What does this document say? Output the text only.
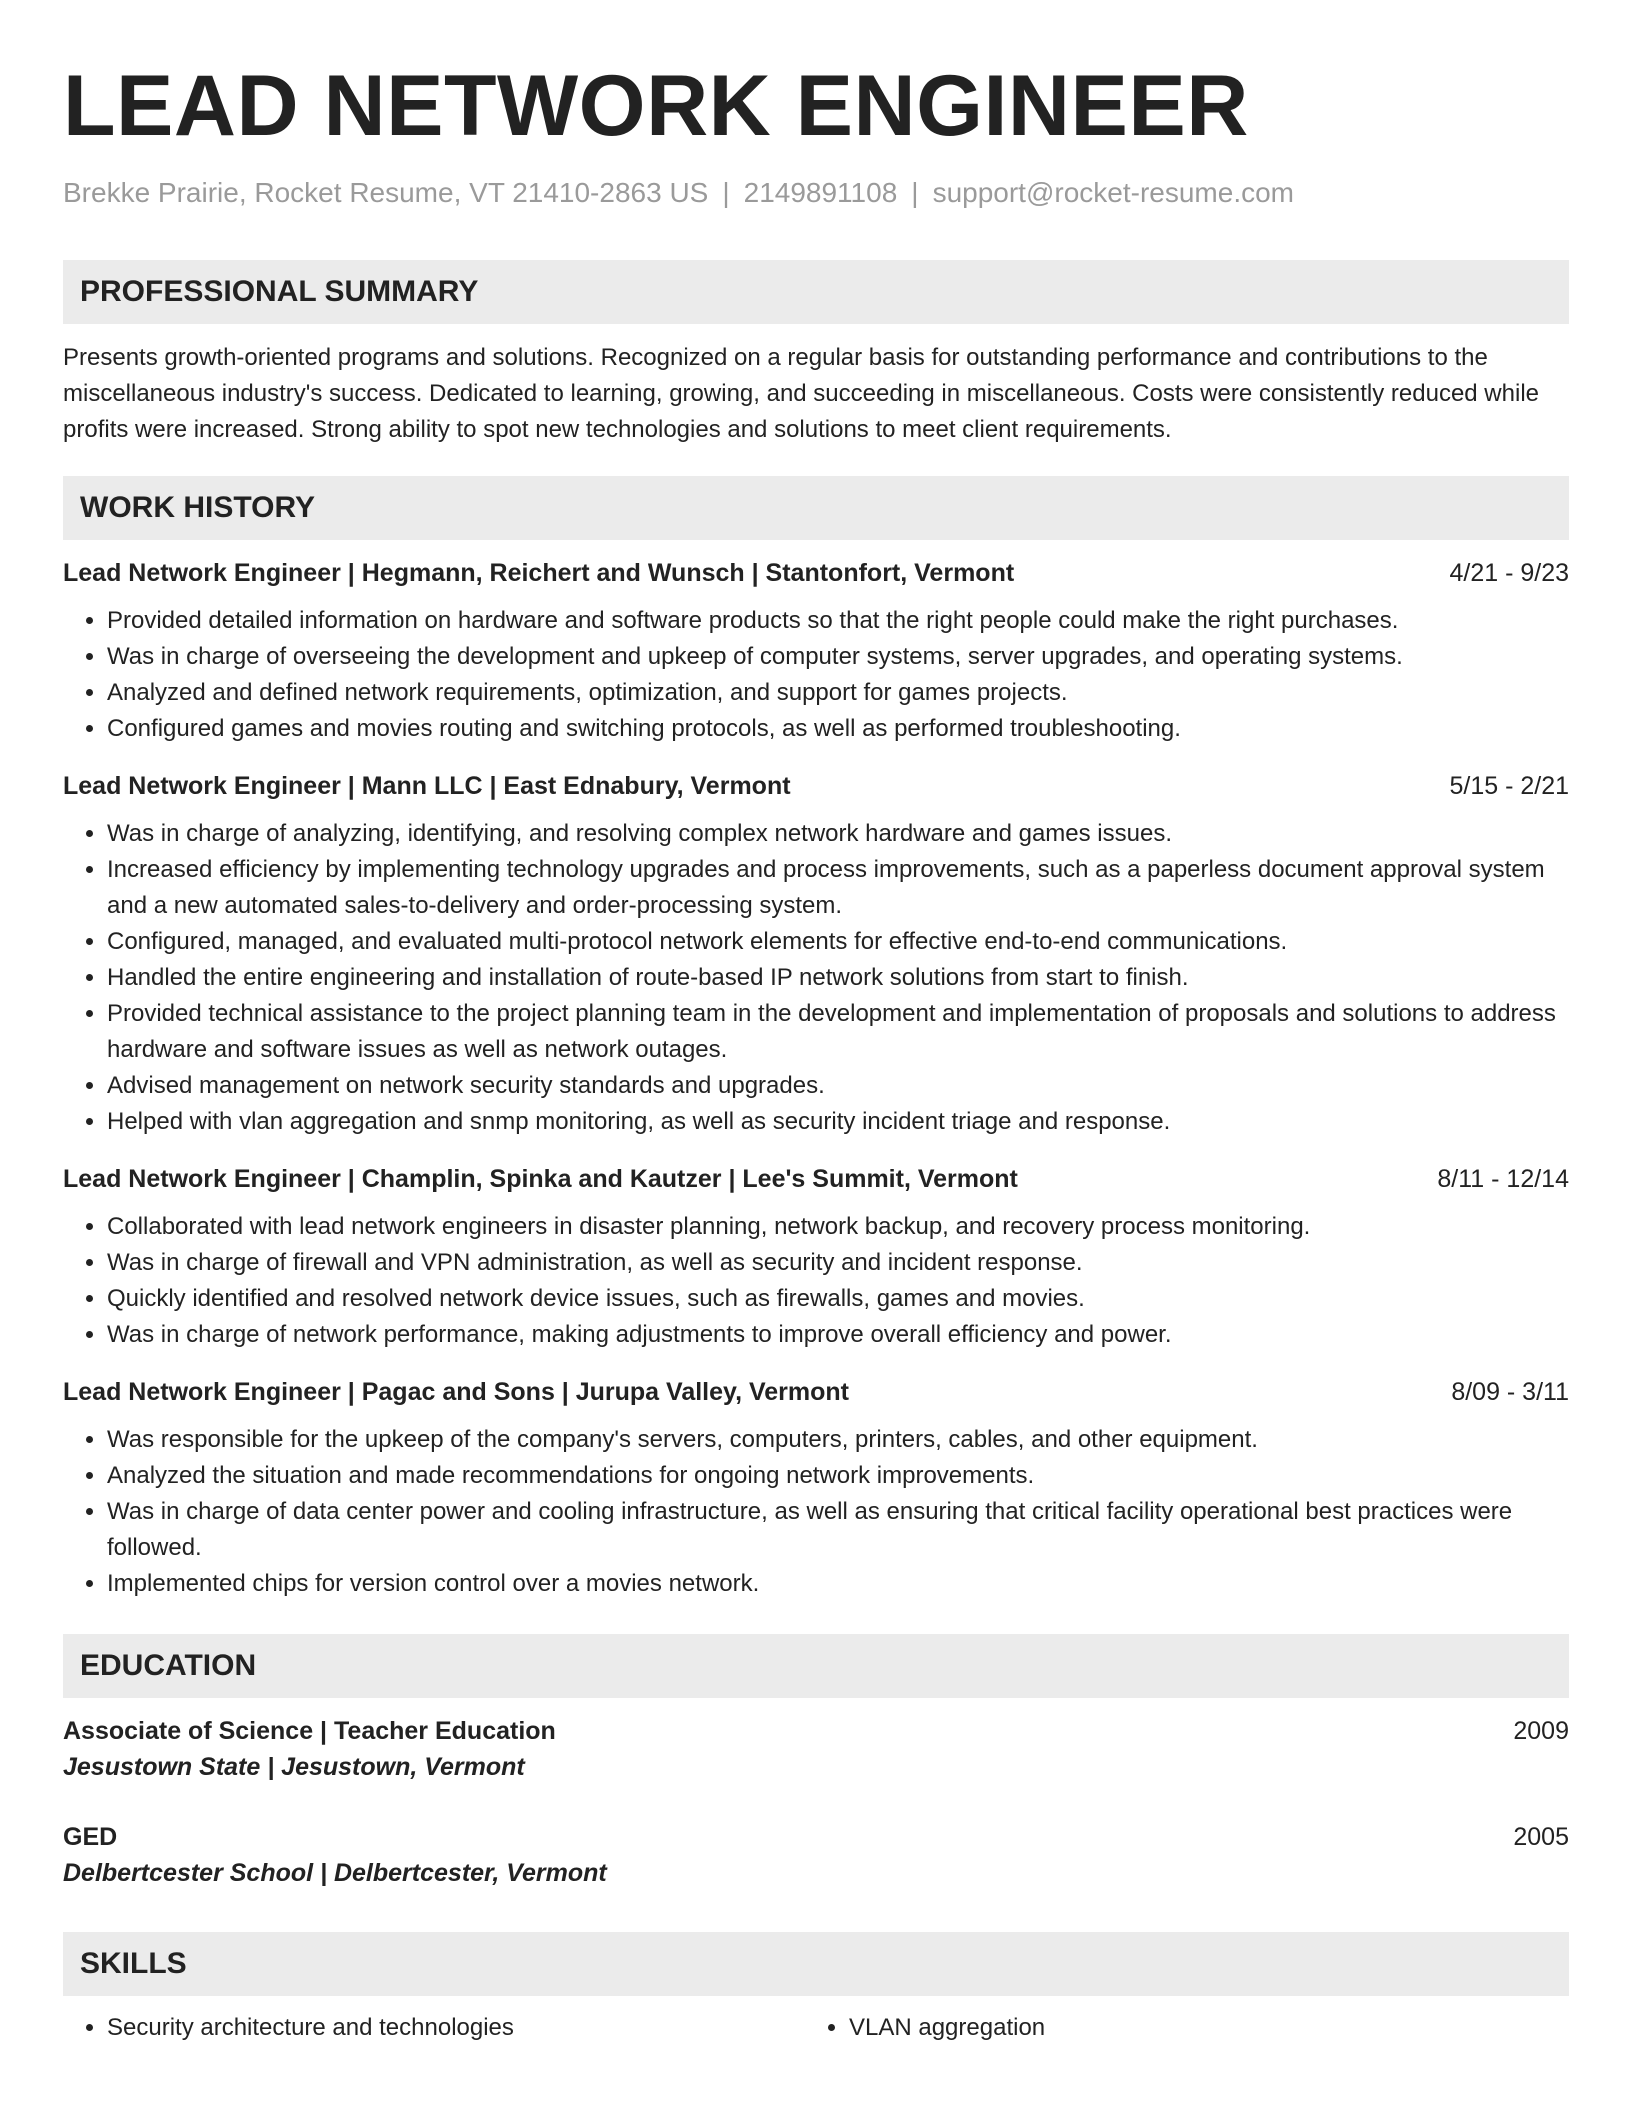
LEAD NETWORK ENGINEER
Brekke Prairie, Rocket Resume, VT 21410-2863 US | 2149891108 | support@rocket-resume.com
PROFESSIONAL SUMMARY
Presents growth-oriented programs and solutions. Recognized on a regular basis for outstanding performance and contributions to the miscellaneous industry's success. Dedicated to learning, growing, and succeeding in miscellaneous. Costs were consistently reduced while profits were increased. Strong ability to spot new technologies and solutions to meet client requirements.
WORK HISTORY
Lead Network Engineer | Hegmann, Reichert and Wunsch | Stantonfort, Vermont	4/21 - 9/23
• Provided detailed information on hardware and software products so that the right people could make the right purchases.
• Was in charge of overseeing the development and upkeep of computer systems, server upgrades, and operating systems.
• Analyzed and defined network requirements, optimization, and support for games projects.
• Configured games and movies routing and switching protocols, as well as performed troubleshooting.
Lead Network Engineer | Mann LLC | East Ednabury, Vermont	5/15 - 2/21
• Was in charge of analyzing, identifying, and resolving complex network hardware and games issues.
• Increased efficiency by implementing technology upgrades and process improvements, such as a paperless document approval system and a new automated sales-to-delivery and order-processing system.
• Configured, managed, and evaluated multi-protocol network elements for effective end-to-end communications.
• Handled the entire engineering and installation of route-based IP network solutions from start to finish.
• Provided technical assistance to the project planning team in the development and implementation of proposals and solutions to address hardware and software issues as well as network outages.
• Advised management on network security standards and upgrades.
• Helped with vlan aggregation and snmp monitoring, as well as security incident triage and response.
Lead Network Engineer | Champlin, Spinka and Kautzer | Lee's Summit, Vermont	8/11 - 12/14
• Collaborated with lead network engineers in disaster planning, network backup, and recovery process monitoring.
• Was in charge of firewall and VPN administration, as well as security and incident response.
• Quickly identified and resolved network device issues, such as firewalls, games and movies.
• Was in charge of network performance, making adjustments to improve overall efficiency and power.
Lead Network Engineer | Pagac and Sons | Jurupa Valley, Vermont	8/09 - 3/11
• Was responsible for the upkeep of the company's servers, computers, printers, cables, and other equipment.
• Analyzed the situation and made recommendations for ongoing network improvements.
• Was in charge of data center power and cooling infrastructure, as well as ensuring that critical facility operational best practices were followed.
• Implemented chips for version control over a movies network.
EDUCATION
Associate of Science | Teacher Education	2009
Jesustown State | Jesustown, Vermont
GED	2005
Delbertcester School | Delbertcester, Vermont
SKILLS
• Security architecture and technologies
•	VLAN aggregation
